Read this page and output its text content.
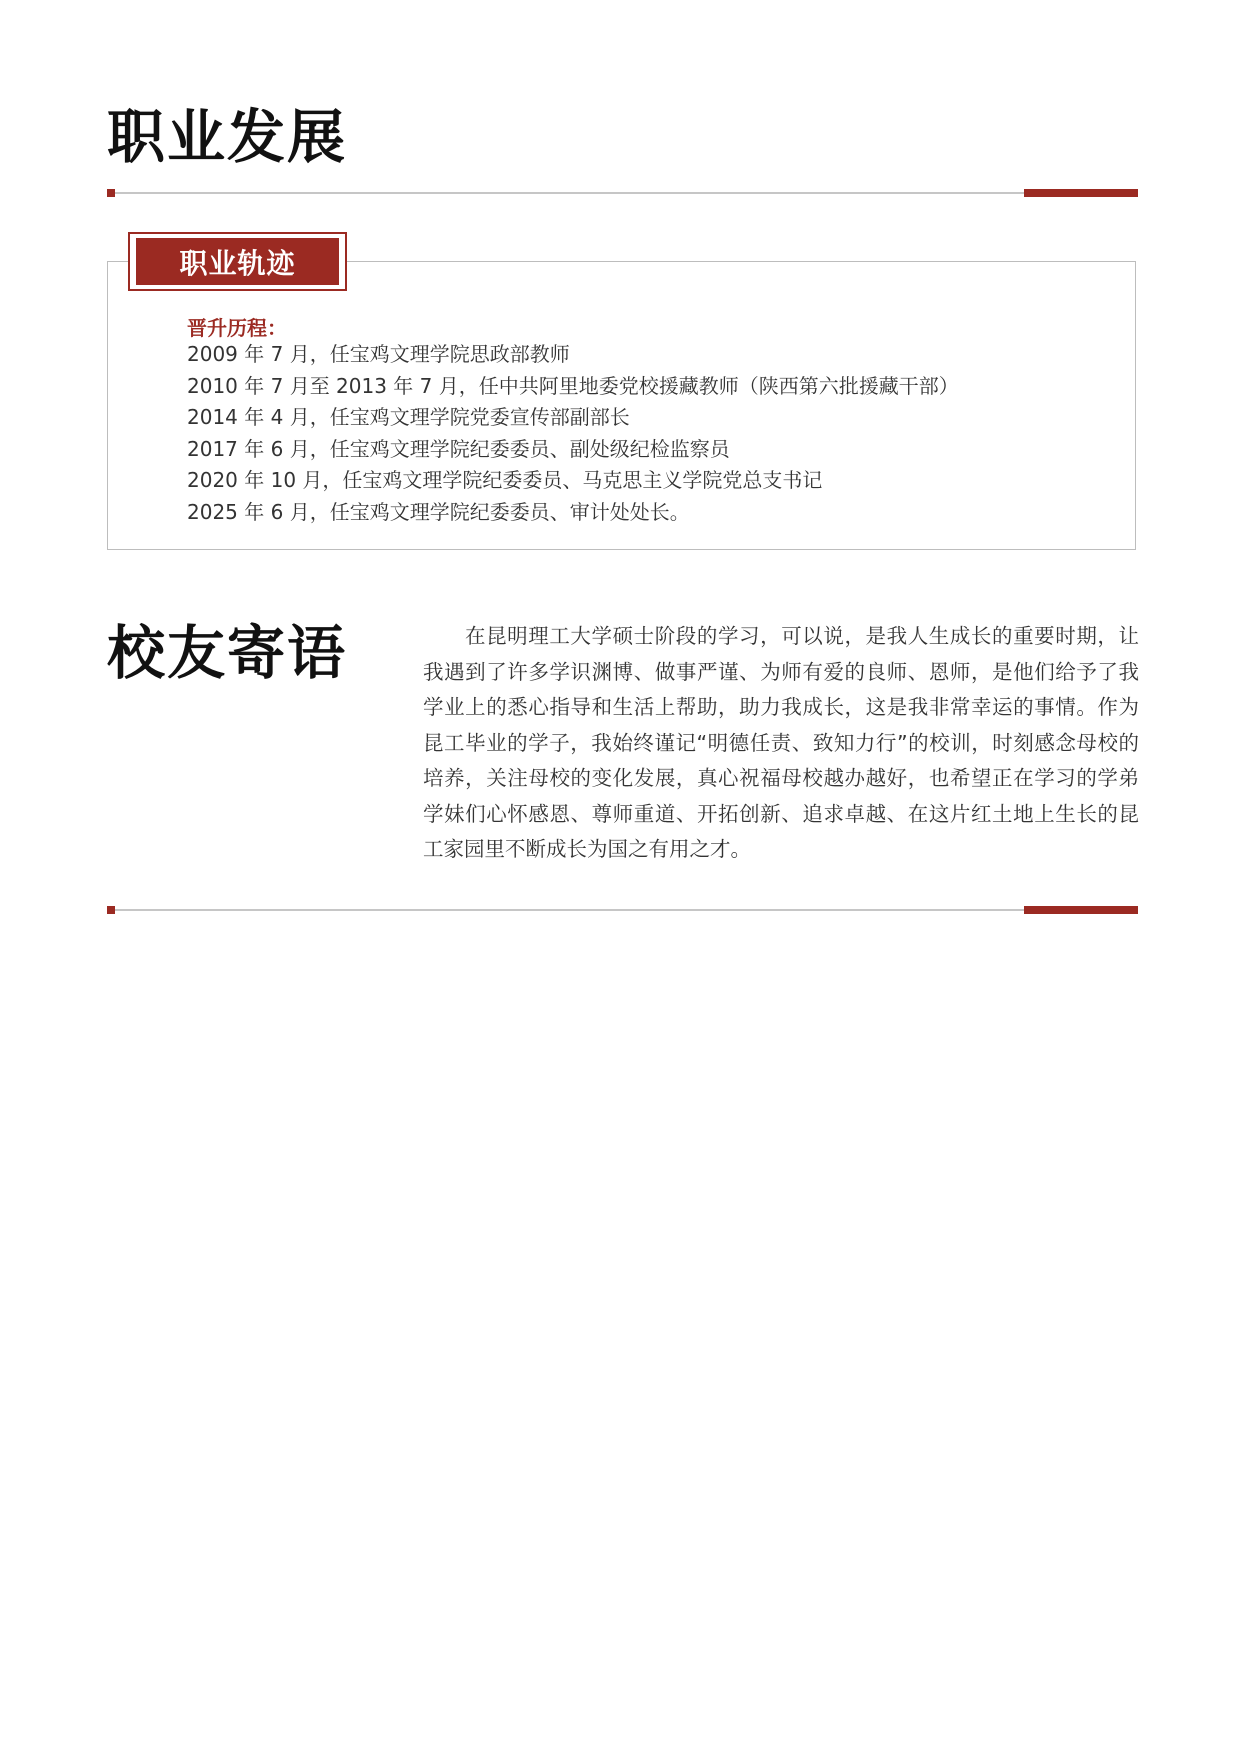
职业发展
职业轨迹
晋升历程：
2009 年 7 月，任宝鸡文理学院思政部教师
2010 年 7 月至 2013 年 7 月，任中共阿里地委党校援藏教师（陕西第六批援藏干部）
2014 年 4 月，任宝鸡文理学院党委宣传部副部长
2017 年 6 月，任宝鸡文理学院纪委委员、副处级纪检监察员
2020 年 10 月，任宝鸡文理学院纪委委员、马克思主义学院党总支书记
2025 年 6 月，任宝鸡文理学院纪委委员、审计处处长。
校友寄语	在昆明理工大学硕士阶段的学习，可以说，是我人生成长的重要时期，让我遇到了许多学识渊博、做事严谨、为师有爱的良师、恩师，是他们给予了我学业上的悉心指导和生活上帮助，助力我成长，这是我非常幸运的事情。作为昆工毕业的学子，我始终谨记“明德任责、致知力行”的校训，时刻感念母校的培养，关注母校的变化发展，真心祝福母校越办越好，也希望正在学习的学弟学妹们心怀感恩、尊师重道、开拓创新、追求卓越、在这片红土地上生长的昆工家园里不断成长为国之有用之才。
